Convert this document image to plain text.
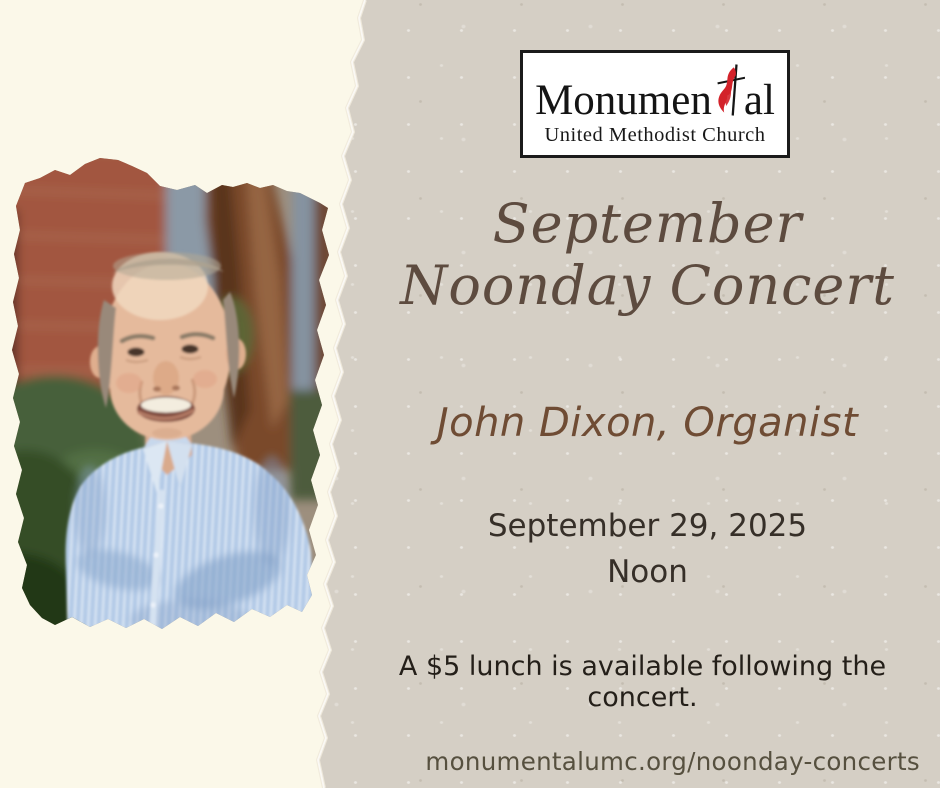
Monumen al
United Methodist Church
September
Noonday Concert
John Dixon, Organist
September 29, 2025
Noon
A $5 lunch is available following the concert.
monumentalumc.org/noonday-concerts
